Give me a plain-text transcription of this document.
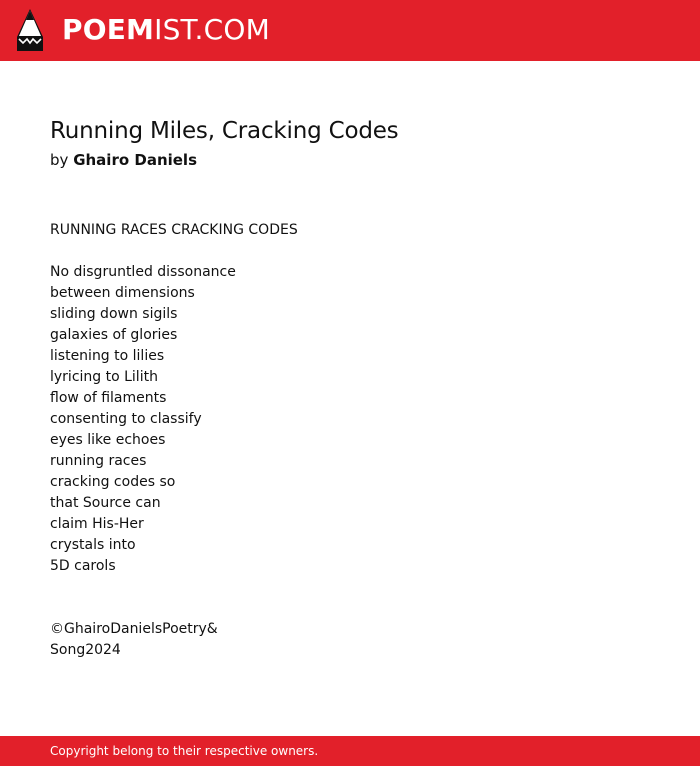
POEMIST.COM
Running Miles, Cracking Codes

by Ghairo Daniels

RUNNING RACES CRACKING CODES
No disgruntled dissonance
between dimensions
sliding down sigils
galaxies of glories
listening to lilies
lyricing to Lilith
flow of filaments
consenting to classify
eyes like echoes
running races
cracking codes so
that Source can
claim His-Her
crystals into
5D carols
©GhairoDanielsPoetry&
Song2024
Copyright belong to their respective owners.
